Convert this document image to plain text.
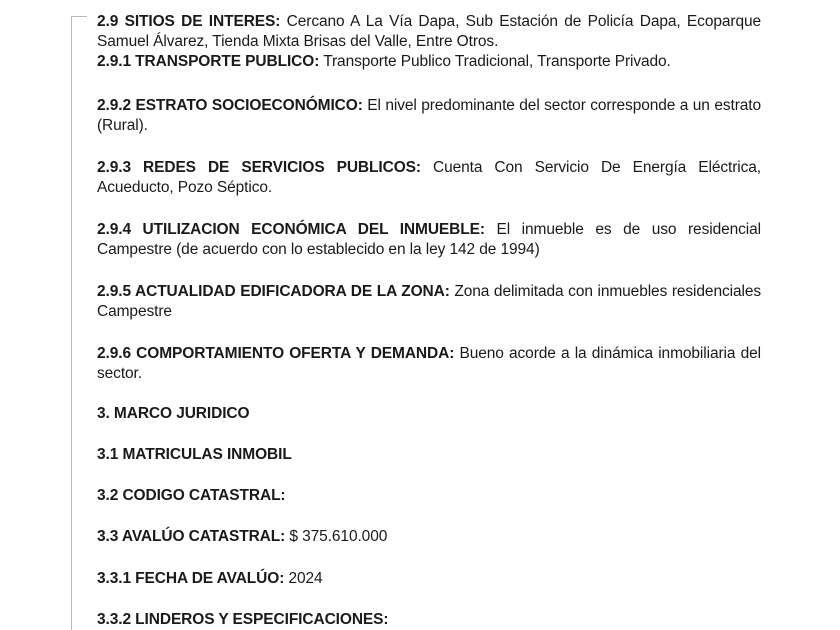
2.9 SITIOS DE INTERES: Cercano A La Vía Dapa, Sub Estación de Policía Dapa, Ecoparque Samuel Álvarez, Tienda Mixta Brisas del Valle, Entre Otros.
2.9.1 TRANSPORTE PUBLICO: Transporte Publico Tradicional, Transporte Privado.
2.9.2 ESTRATO SOCIOECONÓMICO: El nivel predominante del sector corresponde a un estrato (Rural).
2.9.3 REDES DE SERVICIOS PUBLICOS: Cuenta Con Servicio De Energía Eléctrica, Acueducto, Pozo Séptico.
2.9.4 UTILIZACION ECONÓMICA DEL INMUEBLE: El inmueble es de uso residencial Campestre (de acuerdo con lo establecido en la ley 142 de 1994)
2.9.5 ACTUALIDAD EDIFICADORA DE LA ZONA: Zona delimitada con inmuebles residenciales Campestre
2.9.6 COMPORTAMIENTO OFERTA Y DEMANDA: Bueno acorde a la dinámica inmobiliaria del sector.
3. MARCO JURIDICO
3.1 MATRICULAS INMOBIL
3.2 CODIGO CATASTRAL:
3.3 AVALÚO CATASTRAL: $ 375.610.000
3.3.1 FECHA DE AVALÚO: 2024
3.3.2 LINDEROS Y ESPECIFICACIONES:
